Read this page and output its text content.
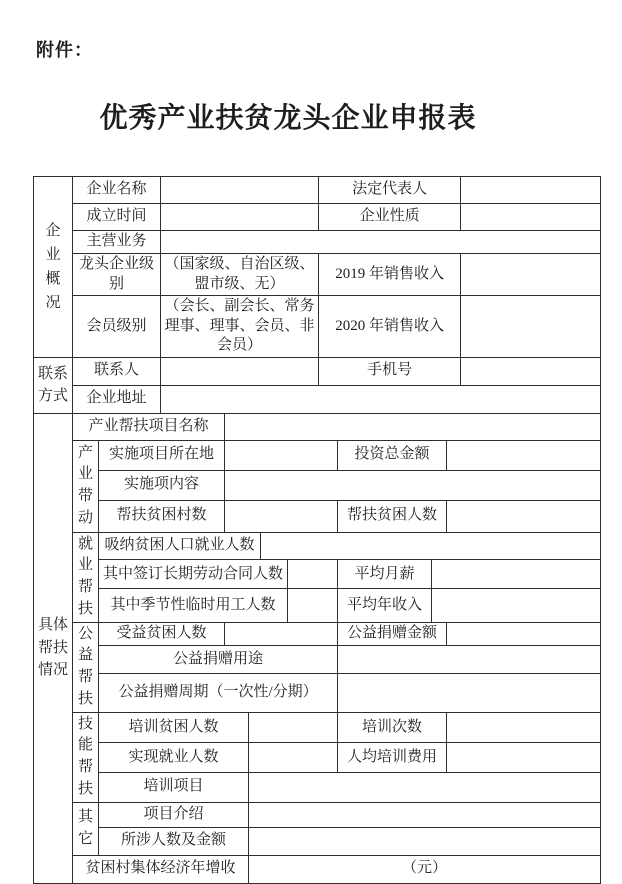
附件：
优秀产业扶贫龙头企业申报表
企业概况	企业名称							法定代表人				
	成立时间							企业性质				
	主营业务											
	龙头企业级别		（国家级、自治区级、盟市级、无）					2019 年销售收入				
	会员级别		（会长、副会长、常务理事、理事、会员、非会员）					2020 年销售收入				

联系方式	联系人							手机号				
	企业地址											

具体帮扶情况	产业帮扶项目名称											

	产业带动	实施项目所在地							投资总金额			
		实施项内容										
		帮扶贫困村数							帮扶贫困人数			

	就业帮扶	吸纳贫困人口就业人数										
		其中签订长期劳动合同人数							平均月薪			
		其中季节性临时用工人数							平均年收入			

	公益帮扶	受益贫困人数							公益捐赠金额			
		公益捐赠用途										
		公益捐赠周期（一次性/分期）										

	技能帮扶	培训贫困人数							培训次数			
		实现就业人数							人均培训费用			
		培训项目										

	其它	项目介绍										
		所涉人数及金额										
	贫困村集体经济年增收				（元）							
